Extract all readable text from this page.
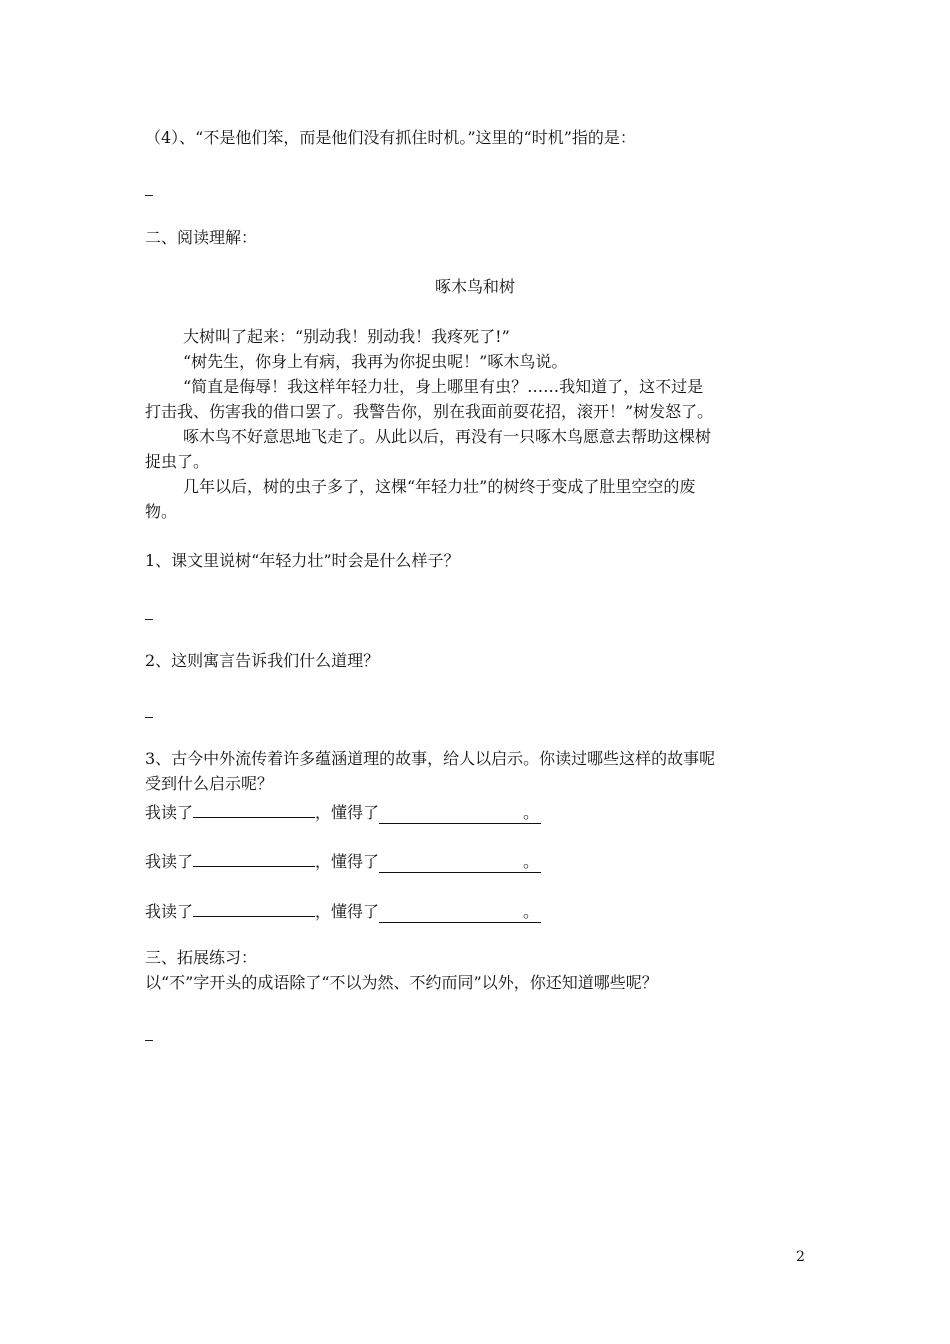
（4）、“不是他们笨，而是他们没有抓住时机。”这里的“时机”指的是：
二、阅读理解：
啄木鸟和树
大树叫了起来：“别动我！别动我！我疼死了!”
“树先生，你身上有病，我再为你捉虫呢！”啄木鸟说。
“简直是侮辱！我这样年轻力壮，身上哪里有虫？……我知道了，这不过是
打击我、伤害我的借口罢了。我警告你，别在我面前耍花招，滚开！”树发怒了。
啄木鸟不好意思地飞走了。从此以后，再没有一只啄木鸟愿意去帮助这棵树
捉虫了。
几年以后，树的虫子多了，这棵“年轻力壮”的树终于变成了肚里空空的废
物。
1、课文里说树“年轻力壮”时会是什么样子？
2、这则寓言告诉我们什么道理？
3、古今中外流传着许多蕴涵道理的故事，给人以启示。你读过哪些这样的故事呢
受到什么启示呢？
我读了	，懂得了	。
我读了	，懂得了	。
我读了	，懂得了	。
三、拓展练习：
以“不”字开头的成语除了“不以为然、不约而同”以外，你还知道哪些呢？
2
